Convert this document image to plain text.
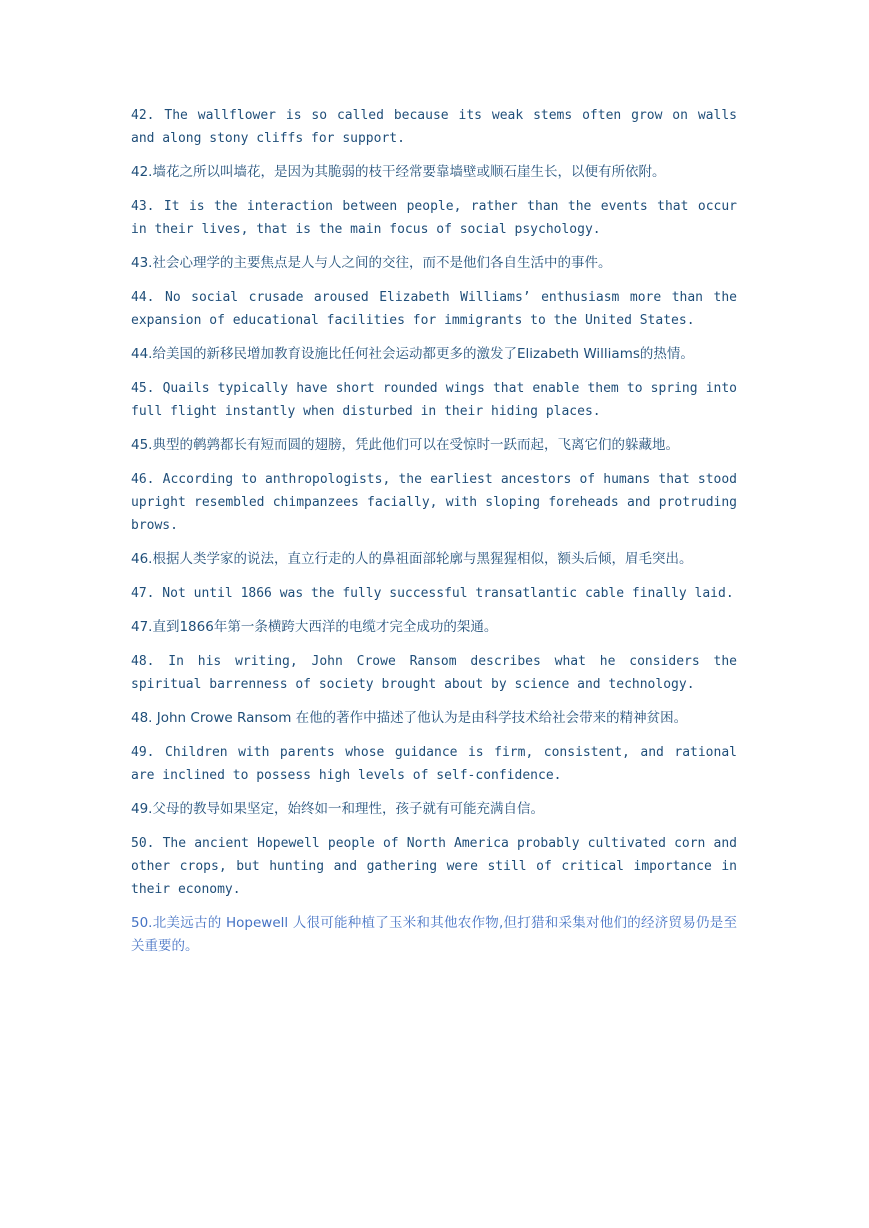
42. The wallflower is so called because its weak stems often grow on walls and along stony cliffs for support.

42.墙花之所以叫墙花，是因为其脆弱的枝干经常要靠墙壁或顺石崖生长，以便有所依附。

43. It is the interaction between people, rather than the events that occur in their lives, that is the main focus of social psychology.

43.社会心理学的主要焦点是人与人之间的交往，而不是他们各自生活中的事件。

44. No social crusade aroused Elizabeth Williams’ enthusiasm more than the expansion of educational facilities for immigrants to the United States.

44.给美国的新移民增加教育设施比任何社会运动都更多的激发了Elizabeth Williams的热情。

45. Quails typically have short rounded wings that enable them to spring into full flight instantly when disturbed in their hiding places.

45.典型的鹌鹑都长有短而圆的翅膀，凭此他们可以在受惊时一跃而起，飞离它们的躲藏地。

46. According to anthropologists, the earliest ancestors of humans that stood upright resembled chimpanzees facially, with sloping foreheads and protruding brows.

46.根据人类学家的说法，直立行走的人的鼻祖面部轮廓与黑猩猩相似，额头后倾，眉毛突出。

47. Not until 1866 was the fully successful transatlantic cable finally laid.

47.直到1866年第一条横跨大西洋的电缆才完全成功的架通。

48. In his writing, John Crowe Ransom describes what he considers the spiritual barrenness of society brought about by science and technology.

48. John Crowe Ransom 在他的著作中描述了他认为是由科学技术给社会带来的精神贫困。

49. Children with parents whose guidance is firm, consistent, and rational are inclined to possess high levels of self-confidence.

49.父母的教导如果坚定，始终如一和理性，孩子就有可能充满自信。

50. The ancient Hopewell people of North America probably cultivated corn and other crops, but hunting and gathering were still of critical importance in their economy.

50.北美远古的 Hopewell 人很可能种植了玉米和其他农作物,但打猎和采集对他们的经济贸易仍是至关重要的。
